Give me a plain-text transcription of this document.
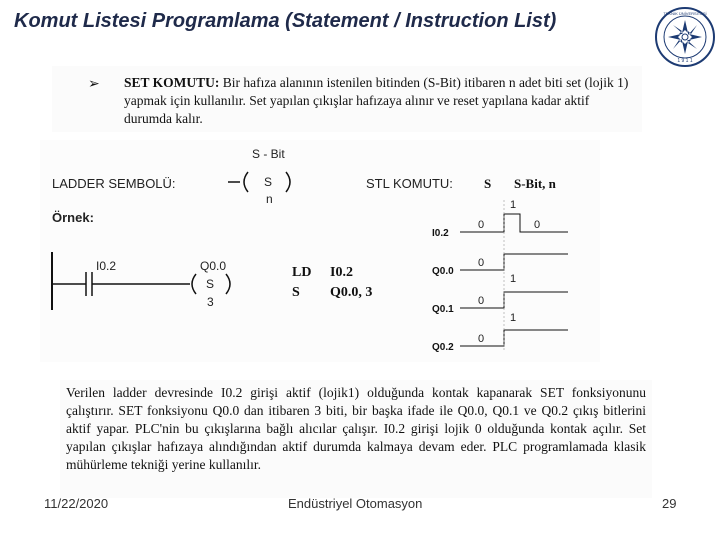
Komut Listesi Programlama (Statement / Instruction List)
1 9 1 1
TEKNİK ÜNİVERSİTESİ
➢ SET KOMUTU: Bir hafıza alanının istenilen bitinden (S-Bit) itibaren n adet biti set (lojik 1) yapmak için kullanılır. Set yapılan çıkışlar hafızaya alınır ve reset yapılana kadar aktif durumda kalır.
LADDER SEMBOLÜ:
S - Bit
S
n
STL KOMUTU: S S-Bit, n
Örnek:
I0.2	Q0.0
S
3
LD I0.2
S Q0.0, 3
1
I0.2
0	0
Q0.0
0
1
Q0.1
0
1
Q0.2
0
Verilen ladder devresinde I0.2 girişi aktif (lojik1) olduğunda kontak kapanarak SET fonksiyonunu çalıştırır. SET fonksiyonu Q0.0 dan itibaren 3 biti, bir başka ifade ile Q0.0, Q0.1 ve Q0.2 çıkış bitlerini aktif yapar. PLC'nin bu çıkışlarına bağlı alıcılar çalışır. I0.2 girişi lojik 0 olduğunda kontak açılır. Set yapılan çıkışlar hafızaya alındığından aktif durumda kalmaya devam eder. PLC programlamada klasik mühürleme tekniği yerine kullanılır.
11/22/2020	Endüstriyel Otomasyon	29
